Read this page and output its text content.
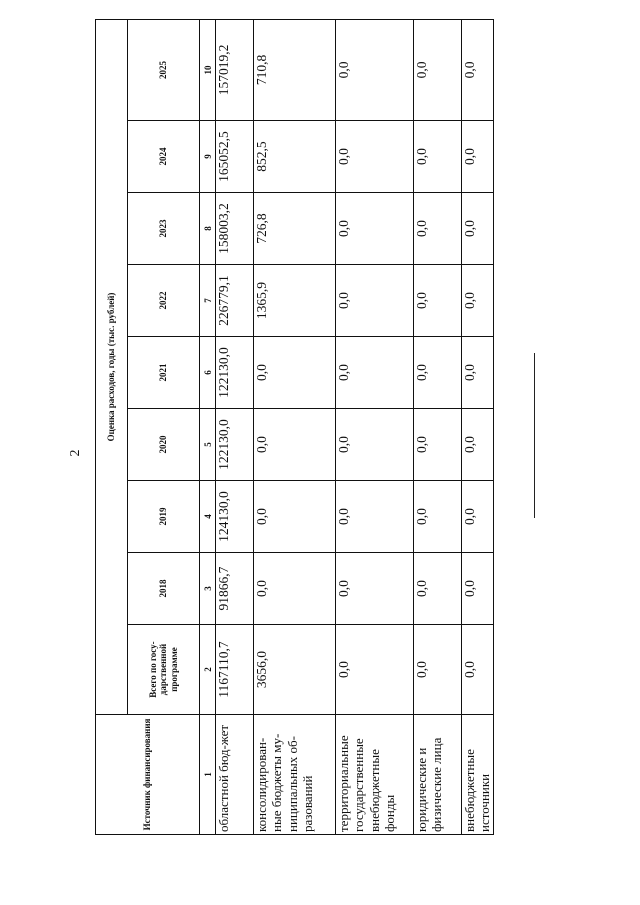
2
Источник финансирования	Оценка расходов, годы (тыс. рублей)								
	Всего по госу-дарственной программе	2018	2019	2020	2021	2022	2023	2024	2025
1	2	3	4	5	6	7	8	9	10
областной бюд-жет	1167110,7	91866,7	124130,0	122130,0	122130,0	226779,1	158003,2	165052,5	157019,2
консолидирован-ные бюджеты му-ниципальных об-разований	3656,0	0,0	0,0	0,0	0,0	1365,9	726,8	852,5	710,8
территориальные государственные внебюджетные фонды	0,0	0,0	0,0	0,0	0,0	0,0	0,0	0,0	0,0
юридические и физические лица	0,0	0,0	0,0	0,0	0,0	0,0	0,0	0,0	0,0
внебюджетные источники	0,0	0,0	0,0	0,0	0,0	0,0	0,0	0,0	0,0
